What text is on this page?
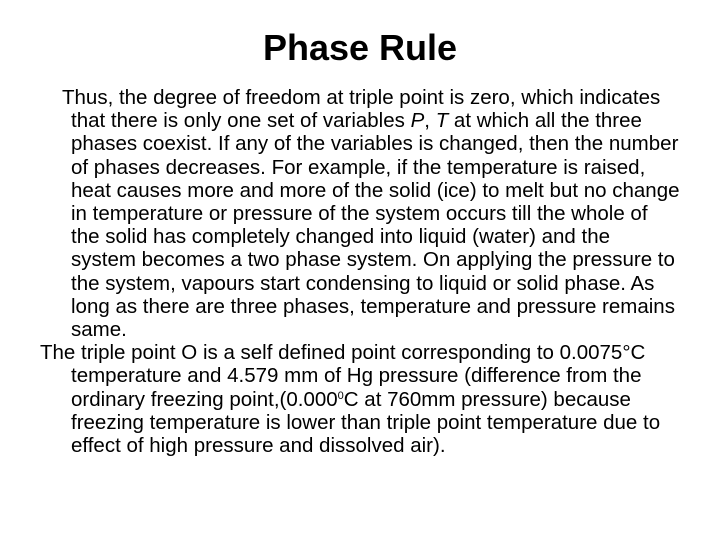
Phase Rule

Thus, the degree of freedom at triple point is zero, which indicates that there is only one set of variables P, T at which all the three phases coexist. If any of the variables is changed, then the number of phases decreases. For example, if the temperature is raised, heat causes more and more of the solid (ice) to melt but no change in temperature or pressure of the system occurs till the whole of the solid has completely changed into liquid (water) and the system becomes a two phase system. On applying the pressure to the system, vapours start condensing to liquid or solid phase. As long as there are three phases, temperature and pressure remains same.

The triple point O is a self defined point corresponding to 0.0075°C temperature and 4.579 mm of Hg pressure (difference from the ordinary freezing point,(0.000$^0$C at 760mm pressure) because freezing temperature is lower than triple point temperature due to effect of high pressure and dissolved air).
